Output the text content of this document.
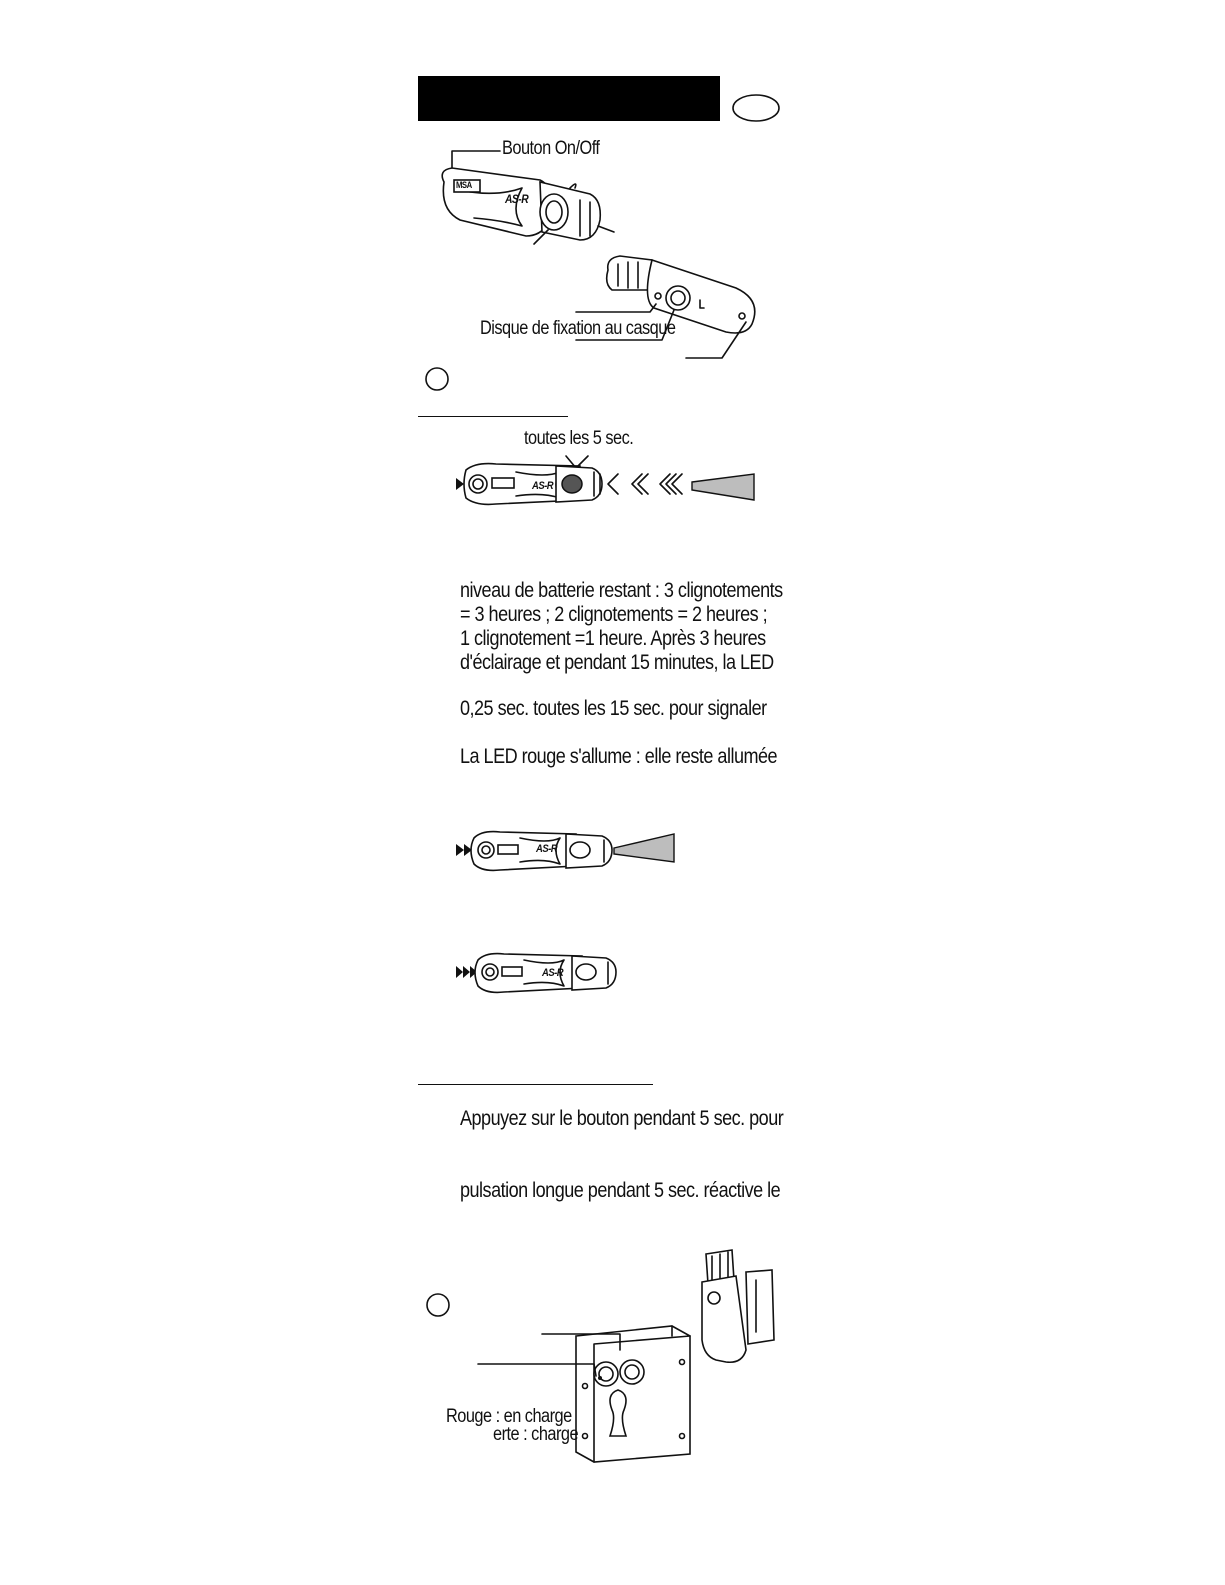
Bouton On/Off
MSA
AS-R
Disque de fixation au casque
toutes les 5 sec.
AS-R
niveau de batterie restant : 3 clignotements
= 3 heures ; 2 clignotements = 2 heures ;
1 clignotement =1 heure. Après 3 heures
d'éclairage et pendant 15 minutes, la LED
0,25 sec. toutes les 15 sec. pour signaler
La LED rouge s'allume : elle reste allumée
AS-R
AS-R
Appuyez sur le bouton pendant 5 sec. pour
pulsation longue pendant 5 sec. réactive le
Rouge : en charge
erte : charge
